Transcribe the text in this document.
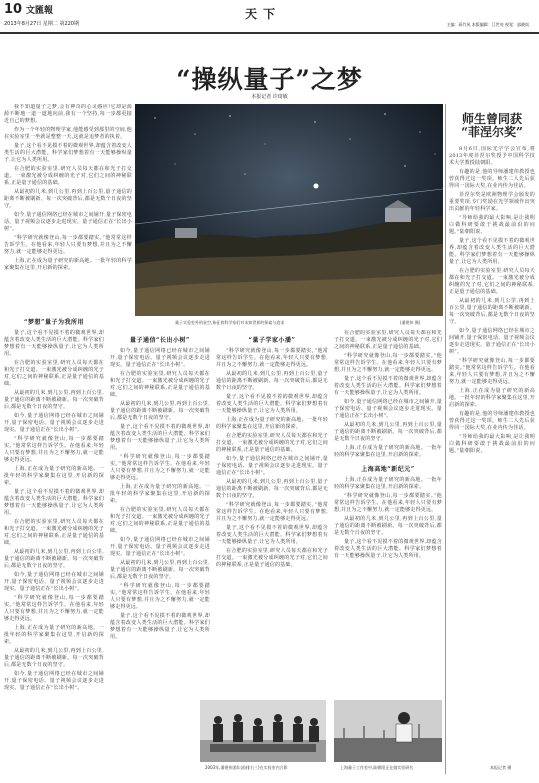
10 文匯報
2013年8月27日 星期二 第220期
天下
主编：蒋竹风 本版编辑：江世亮 视觉：邵晓岚
“操纵量子”之梦
本报记者 许琦敏

我不知道量子之梦,会有神奇的心灵感应!它却是源源不断地一道一道地向前,我有一个坚持,每一步都更接近自己的梦想。

作为一个年轻的物理学家,他能感受到那里的空间,他在实验室里一坐就是整整一天,这就是追梦者的执着。

量子,这个看不见摸不着的微观世界,却蕴含着改变人类生活的巨大潜能。科学家们梦想着有一天能够操纵量子,让它为人类所用。

在合肥的实验室里,研究人员每天都在和光子打交道。一束激光被分成纠缠的光子对,它们之间的神秘联系,正是量子通信的基础。

从最初的几米,到几公里,再到上百公里,量子通信的距离不断被刷新。每一次突破背后,都是无数个日夜的坚守。

如今,量子通信网络已经在城市之间铺开,量子保密电话、量子视频会议逐步走进现实。量子通信正在“长出小树”。

“科学研究就像登山,每一步都要踏实。”他常常这样告诉学生。在他看来,年轻人只要有梦想,并且为之不懈努力,就一定能够走得更远。

上海,正在成为量子研究的新高地。一批年轻的科学家聚集在这里,开启新的探索。

量子实验室外的星空,象征着科学家们对未知世界的探索与追求	(潘建伟 摄)
师生曾同获
“菲涅尔奖”

8月6日,国际光学学会宣布,将2013年度菲涅尔奖授予中国科学技术大学教授陆朝阳。

有趣的是,他的导师潘建伟教授也曾获得过这一奖项。师生二人先后获得同一国际大奖,在业内传为佳话。

菲涅尔奖是欧洲物理学会颁发的重要奖项,专门奖励在光学领域作出突出贡献的年轻科学家。

“导师给我的最大影响,是让我明白做科研要敢于挑战最前沿的问题。”陆朝阳说。

量子,这个看不见摸不着的微观世界,却蕴含着改变人类生活的巨大潜能。科学家们梦想着有一天能够操纵量子,让它为人类所用。

在合肥的实验室里,研究人员每天都在和光子打交道。一束激光被分成纠缠的光子对,它们之间的神秘联系,正是量子通信的基础。

从最初的几米,到几公里,再到上百公里,量子通信的距离不断被刷新。每一次突破背后,都是无数个日夜的坚守。

如今,量子通信网络已经在城市之间铺开,量子保密电话、量子视频会议逐步走进现实。量子通信正在“长出小树”。

“科学研究就像登山,每一步都要踏实。”他常常这样告诉学生。在他看来,年轻人只要有梦想,并且为之不懈努力,就一定能够走得更远。

上海,正在成为量子研究的新高地。一批年轻的科学家聚集在这里,开启新的探索。

有趣的是,他的导师潘建伟教授也曾获得过这一奖项。师生二人先后获得同一国际大奖,在业内传为佳话。

“导师给我的最大影响,是让我明白做科研要敢于挑战最前沿的问题。”陆朝阳说。

“梦想”量子为我所用

量子,这个看不见摸不着的微观世界,却蕴含着改变人类生活的巨大潜能。科学家们梦想着有一天能够操纵量子,让它为人类所用。

在合肥的实验室里,研究人员每天都在和光子打交道。一束激光被分成纠缠的光子对,它们之间的神秘联系,正是量子通信的基础。

从最初的几米,到几公里,再到上百公里,量子通信的距离不断被刷新。每一次突破背后,都是无数个日夜的坚守。

如今,量子通信网络已经在城市之间铺开,量子保密电话、量子视频会议逐步走进现实。量子通信正在“长出小树”。

“科学研究就像登山,每一步都要踏实。”他常常这样告诉学生。在他看来,年轻人只要有梦想,并且为之不懈努力,就一定能够走得更远。

上海,正在成为量子研究的新高地。一批年轻的科学家聚集在这里,开启新的探索。

量子,这个看不见摸不着的微观世界,却蕴含着改变人类生活的巨大潜能。科学家们梦想着有一天能够操纵量子,让它为人类所用。

在合肥的实验室里,研究人员每天都在和光子打交道。一束激光被分成纠缠的光子对,它们之间的神秘联系,正是量子通信的基础。

从最初的几米,到几公里,再到上百公里,量子通信的距离不断被刷新。每一次突破背后,都是无数个日夜的坚守。

如今,量子通信网络已经在城市之间铺开,量子保密电话、量子视频会议逐步走进现实。量子通信正在“长出小树”。

“科学研究就像登山,每一步都要踏实。”他常常这样告诉学生。在他看来,年轻人只要有梦想,并且为之不懈努力,就一定能够走得更远。

上海,正在成为量子研究的新高地。一批年轻的科学家聚集在这里,开启新的探索。

从最初的几米,到几公里,再到上百公里,量子通信的距离不断被刷新。每一次突破背后,都是无数个日夜的坚守。

如今,量子通信网络已经在城市之间铺开,量子保密电话、量子视频会议逐步走进现实。量子通信正在“长出小树”。

量子通信“长出小树”

如今,量子通信网络已经在城市之间铺开,量子保密电话、量子视频会议逐步走进现实。量子通信正在“长出小树”。

在合肥的实验室里,研究人员每天都在和光子打交道。一束激光被分成纠缠的光子对,它们之间的神秘联系,正是量子通信的基础。

从最初的几米,到几公里,再到上百公里,量子通信的距离不断被刷新。每一次突破背后,都是无数个日夜的坚守。

量子,这个看不见摸不着的微观世界,却蕴含着改变人类生活的巨大潜能。科学家们梦想着有一天能够操纵量子,让它为人类所用。

“科学研究就像登山,每一步都要踏实。”他常常这样告诉学生。在他看来,年轻人只要有梦想,并且为之不懈努力,就一定能够走得更远。

上海,正在成为量子研究的新高地。一批年轻的科学家聚集在这里,开启新的探索。

在合肥的实验室里,研究人员每天都在和光子打交道。一束激光被分成纠缠的光子对,它们之间的神秘联系,正是量子通信的基础。

如今,量子通信网络已经在城市之间铺开,量子保密电话、量子视频会议逐步走进现实。量子通信正在“长出小树”。

从最初的几米,到几公里,再到上百公里,量子通信的距离不断被刷新。每一次突破背后,都是无数个日夜的坚守。

“科学研究就像登山,每一步都要踏实。”他常常这样告诉学生。在他看来,年轻人只要有梦想,并且为之不懈努力,就一定能够走得更远。

量子,这个看不见摸不着的微观世界,却蕴含着改变人类生活的巨大潜能。科学家们梦想着有一天能够操纵量子,让它为人类所用。

“量子学家小潘”

“科学研究就像登山,每一步都要踏实。”他常常这样告诉学生。在他看来,年轻人只要有梦想,并且为之不懈努力,就一定能够走得更远。

从最初的几米,到几公里,再到上百公里,量子通信的距离不断被刷新。每一次突破背后,都是无数个日夜的坚守。

量子,这个看不见摸不着的微观世界,却蕴含着改变人类生活的巨大潜能。科学家们梦想着有一天能够操纵量子,让它为人类所用。

上海,正在成为量子研究的新高地。一批年轻的科学家聚集在这里,开启新的探索。

在合肥的实验室里,研究人员每天都在和光子打交道。一束激光被分成纠缠的光子对,它们之间的神秘联系,正是量子通信的基础。

如今,量子通信网络已经在城市之间铺开,量子保密电话、量子视频会议逐步走进现实。量子通信正在“长出小树”。

从最初的几米,到几公里,再到上百公里,量子通信的距离不断被刷新。每一次突破背后,都是无数个日夜的坚守。

“科学研究就像登山,每一步都要踏实。”他常常这样告诉学生。在他看来,年轻人只要有梦想,并且为之不懈努力,就一定能够走得更远。

量子,这个看不见摸不着的微观世界,却蕴含着改变人类生活的巨大潜能。科学家们梦想着有一天能够操纵量子,让它为人类所用。

在合肥的实验室里,研究人员每天都在和光子打交道。一束激光被分成纠缠的光子对,它们之间的神秘联系,正是量子通信的基础。

在合肥的实验室里,研究人员每天都在和光子打交道。一束激光被分成纠缠的光子对,它们之间的神秘联系,正是量子通信的基础。

“科学研究就像登山,每一步都要踏实。”他常常这样告诉学生。在他看来,年轻人只要有梦想,并且为之不懈努力,就一定能够走得更远。

量子,这个看不见摸不着的微观世界,却蕴含着改变人类生活的巨大潜能。科学家们梦想着有一天能够操纵量子,让它为人类所用。

如今,量子通信网络已经在城市之间铺开,量子保密电话、量子视频会议逐步走进现实。量子通信正在“长出小树”。

从最初的几米,到几公里,再到上百公里,量子通信的距离不断被刷新。每一次突破背后,都是无数个日夜的坚守。

上海,正在成为量子研究的新高地。一批年轻的科学家聚集在这里,开启新的探索。

上海高地“新纪元”

上海,正在成为量子研究的新高地。一批年轻的科学家聚集在这里,开启新的探索。

“科学研究就像登山,每一步都要踏实。”他常常这样告诉学生。在他看来,年轻人只要有梦想,并且为之不懈努力,就一定能够走得更远。

从最初的几米,到几公里,再到上百公里,量子通信的距离不断被刷新。每一次突破背后,都是无数个日夜的坚守。

量子,这个看不见摸不着的微观世界,却蕴含着改变人类生活的巨大潜能。科学家们梦想着有一天能够操纵量子,让它为人类所用。

2003年,潘建伟团队(前排右三)在实验室内合影	上海量子工作室中,陆朝阳正在做实验研究	本报记者 摄
